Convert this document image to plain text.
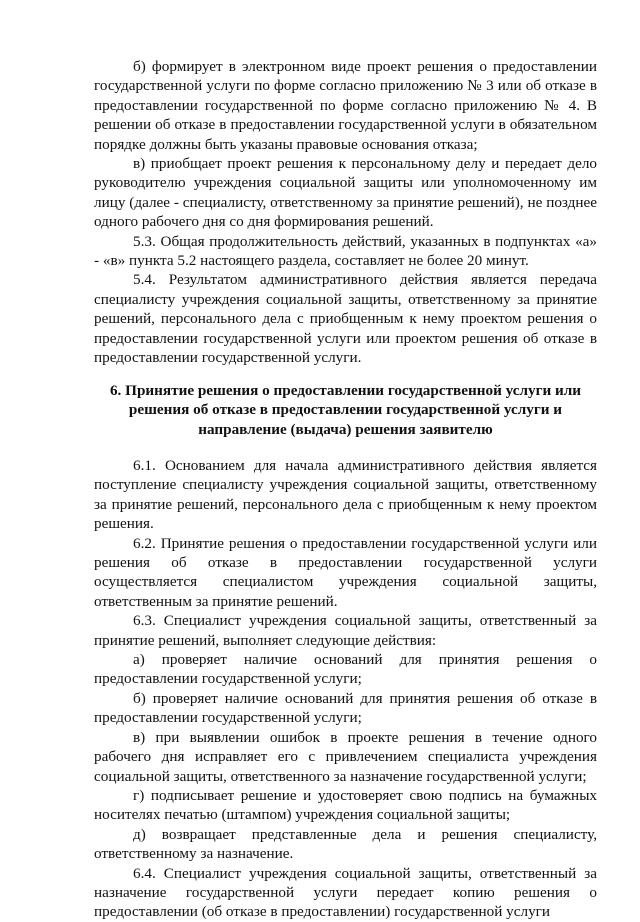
б) формирует в электронном виде проект решения о предоставлении государственной услуги по форме согласно приложению № 3 или об отказе в предоставлении государственной по форме согласно приложению № 4. В решении об отказе в предоставлении государственной услуги в обязательном порядке должны быть указаны правовые основания отказа;

в) приобщает проект решения к персональному делу и передает дело руководителю учреждения социальной защиты или уполномоченному им лицу (далее - специалисту, ответственному за принятие решений), не позднее одного рабочего дня со дня формирования решений.

5.3. Общая продолжительность действий, указанных в подпунктах «а» - «в» пункта 5.2 настоящего раздела, составляет не более 20 минут.

5.4. Результатом административного действия является передача специалисту учреждения социальной защиты, ответственному за принятие решений, персонального дела с приобщенным к нему проектом решения о предоставлении государственной услуги или проектом решения об отказе в предоставлении государственной услуги.

6. Принятие решения о предоставлении государственной услуги или
решения об отказе в предоставлении государственной услуги и
направление (выдача) решения заявителю

6.1. Основанием для начала административного действия является поступление специалисту учреждения социальной защиты, ответственному за принятие решений, персонального дела с приобщенным к нему проектом решения.

6.2. Принятие решения о предоставлении государственной услуги или решения об отказе в предоставлении государственной услуги осуществляется специалистом учреждения социальной защиты, ответственным за принятие решений.

6.3. Специалист учреждения социальной защиты, ответственный за принятие решений, выполняет следующие действия:

а) проверяет наличие оснований для принятия решения о предоставлении государственной услуги;

б) проверяет наличие оснований для принятия решения об отказе в предоставлении государственной услуги;

в) при выявлении ошибок в проекте решения в течение одного рабочего дня исправляет его с привлечением специалиста учреждения социальной защиты, ответственного за назначение государственной услуги;

г) подписывает решение и удостоверяет свою подпись на бумажных носителях печатью (штампом) учреждения социальной защиты;

д) возвращает представленные дела и решения специалисту, ответственному за назначение.

6.4. Специалист учреждения социальной защиты, ответственный за назначение государственной услуги передает копию решения о предоставлении (об отказе в предоставлении) государственной услуги
